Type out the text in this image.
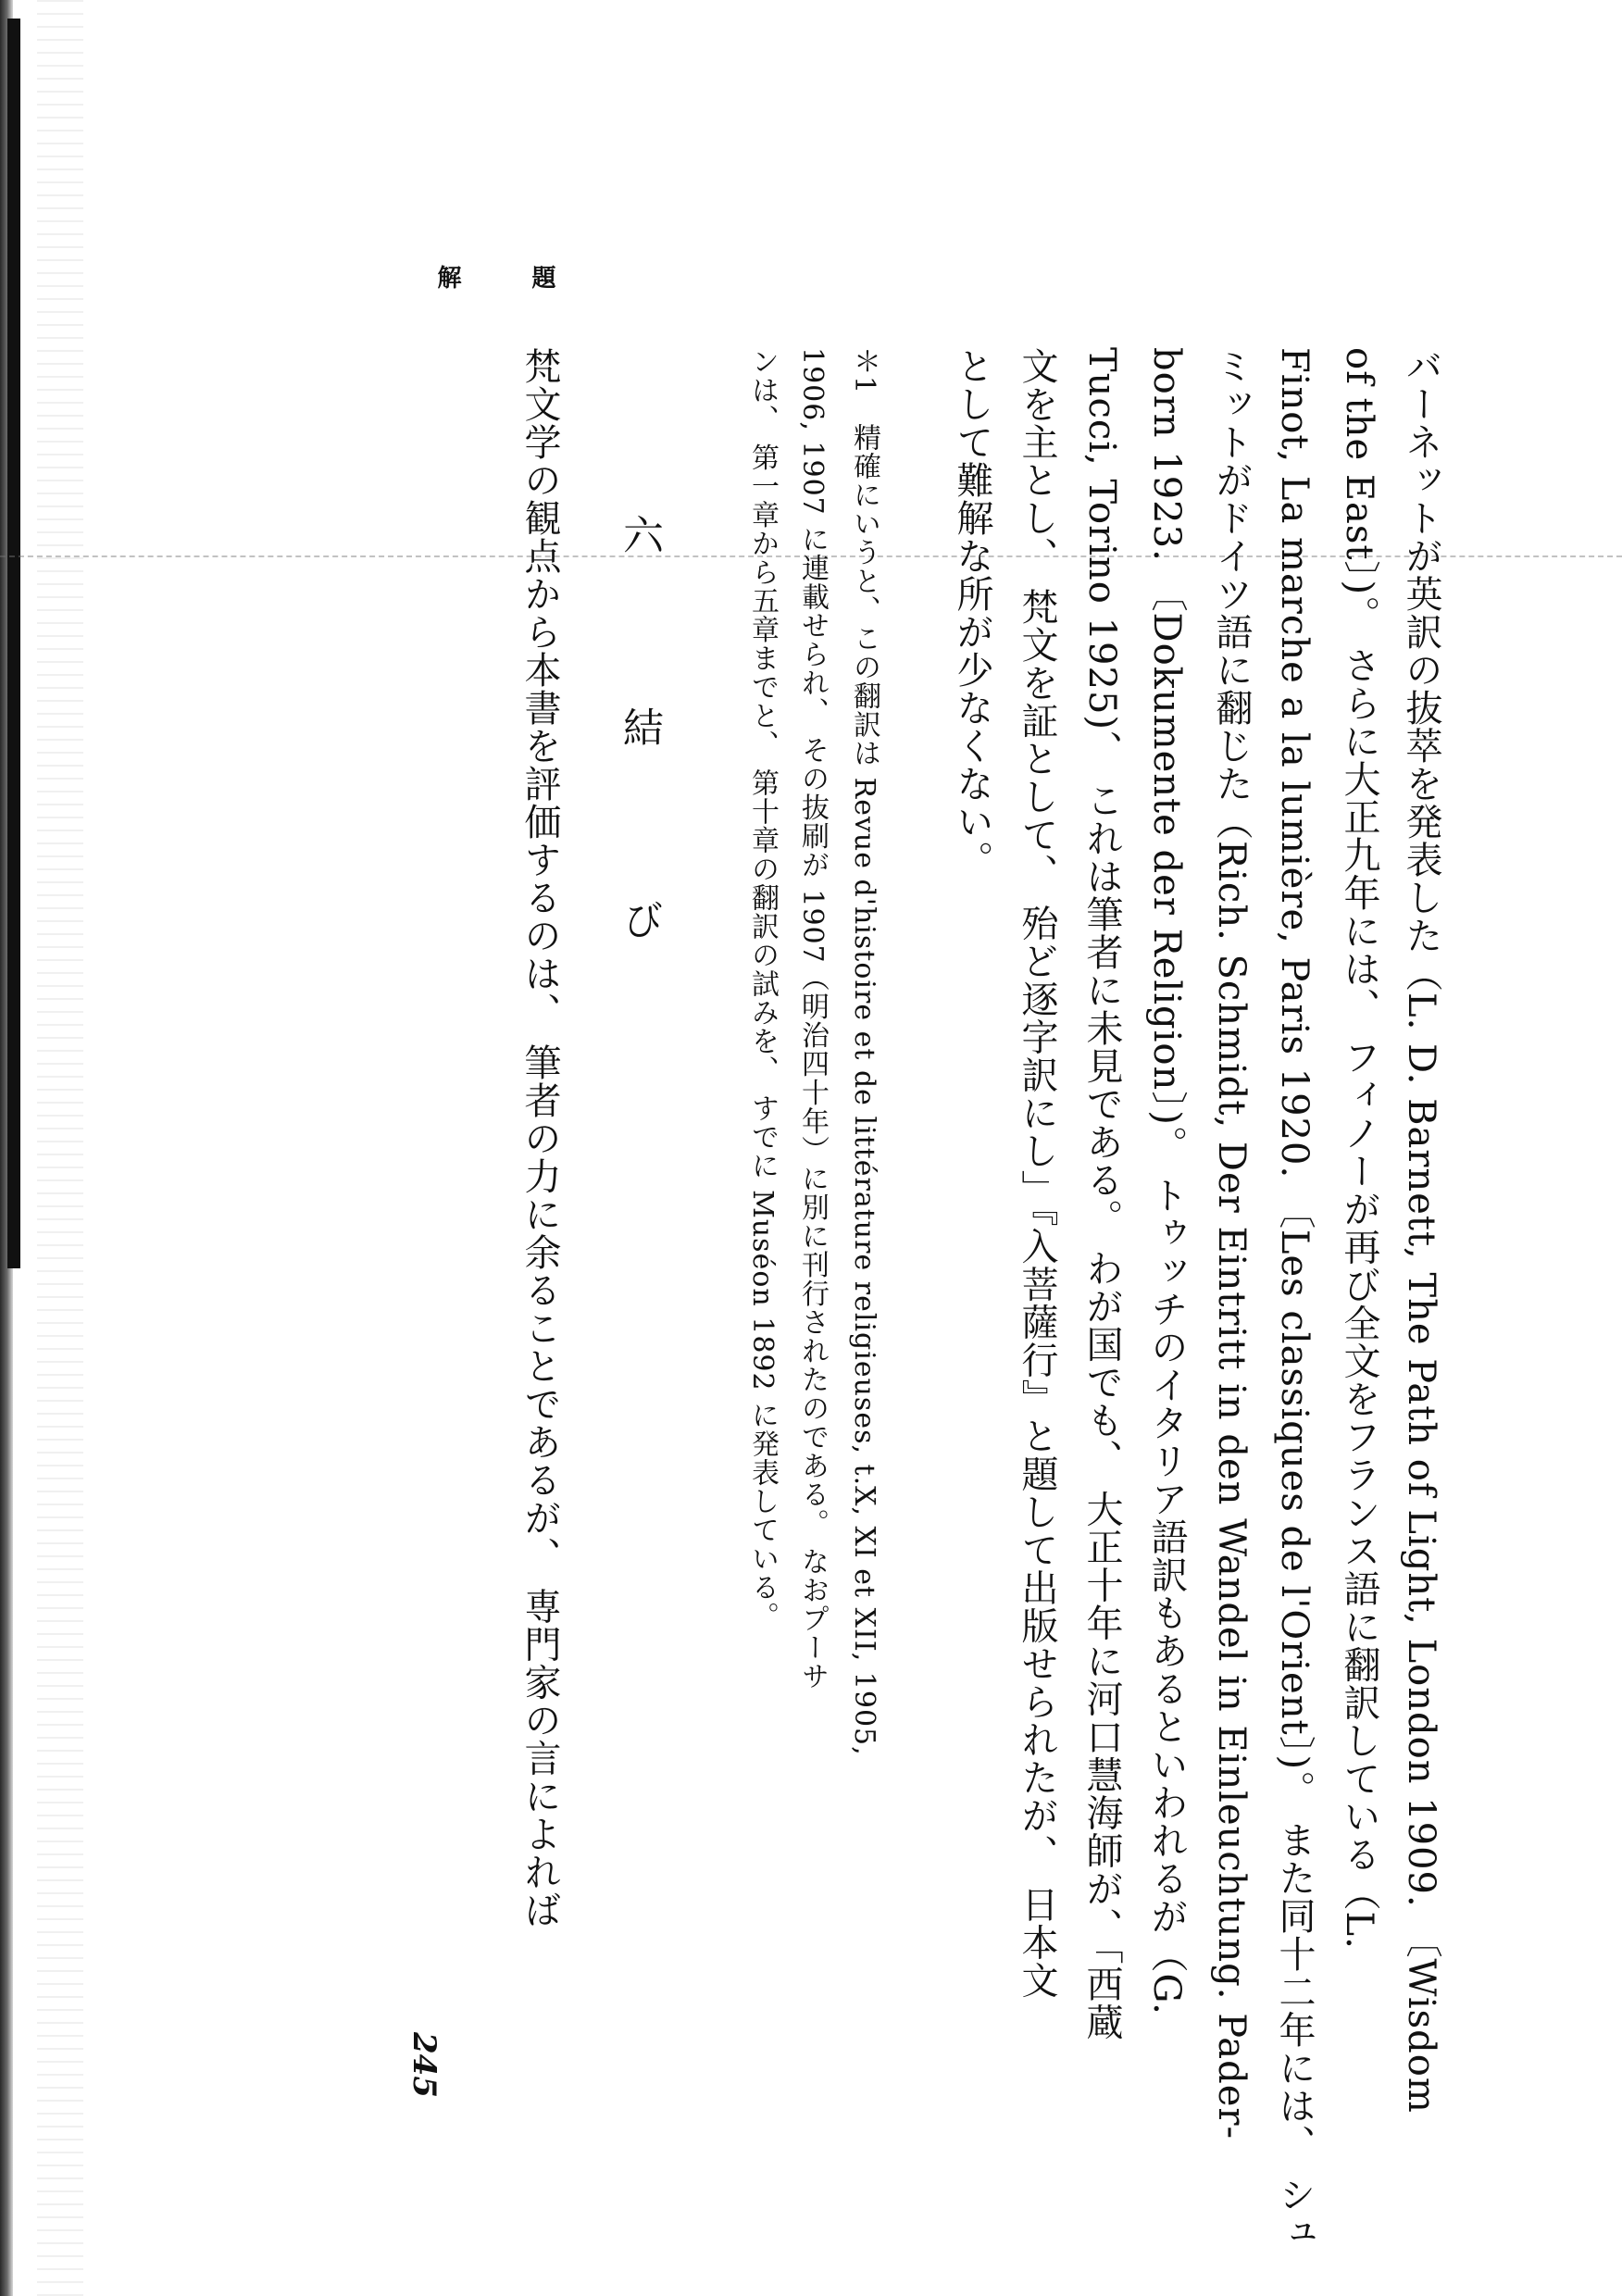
解	題
バーネットが英訳の抜萃を発表した（L. D. Barnett, The Path of Light, London 1909. 〔Wisdom
of the East〕)。 さらに大正九年には、 フィノーが再び全文をフランス語に翻訳している（L.
Finot, La marche a la lumière, Paris 1920. 〔Les classiques de l'Orient〕)。 また同十二年には、 シュ
ミットがドイツ語に翻じた（Rich. Schmidt, Der Eintritt in den Wandel in Einleuchtung. Pader-
born 1923. 〔Dokumente der Religion〕)。 トゥッチのイタリア語訳もあるといわれるが（G.
Tucci, Torino 1925)、 これは筆者に未見である。 わが国でも、 大正十年に河口慧海師が、「西蔵
文を主とし、 梵文を証として、 殆ど逐字訳にし」『入菩薩行』と題して出版せられたが、 日本文
として難解な所が少なくない。
＊1　精確にいうと、この翻訳は Revue d'histoire et de littérature religieuses, t.X, XI et XII, 1905,
1906, 1907 に連載せられ、 その抜刷が 1907（明治四十年）に別に刊行されたのである。 なおプーサ
ンは、 第一章から五章までと、 第十章の翻訳の試みを、 すでに Muséon 1892 に発表している。
六　結　び
梵文学の観点から本書を評価するのは、 筆者の力に余ることであるが、 専門家の言によれば
245
